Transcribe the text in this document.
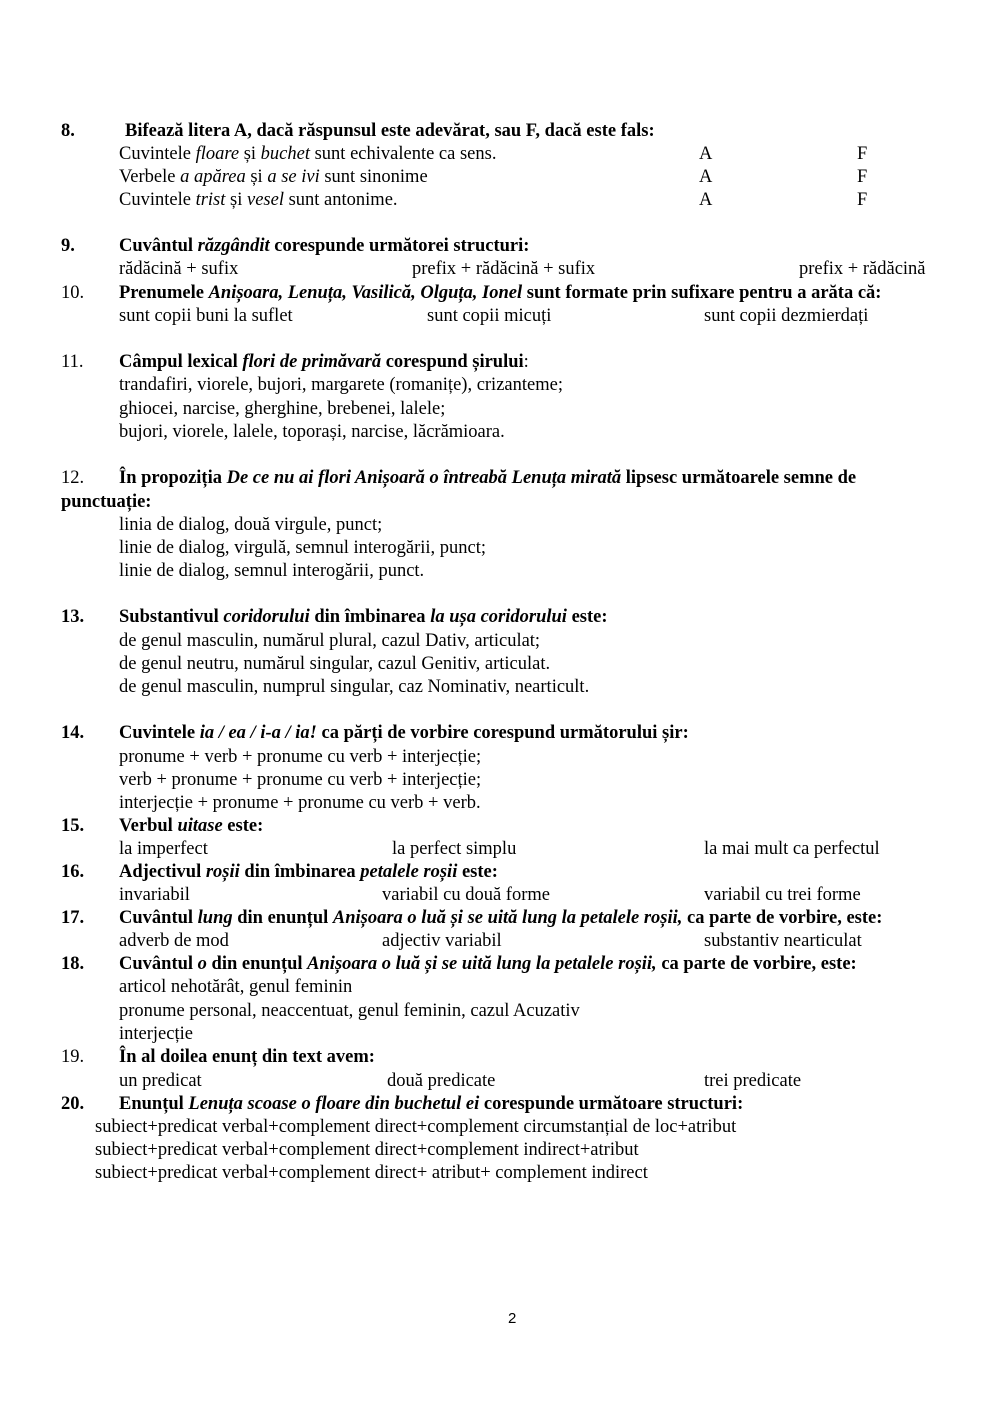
8.	Bifează litera A, dacă răspunsul este adevărat, sau F, dacă este fals:
Cuvintele floare și buchet sunt echivalente ca sens.	A	F
Verbele a apărea și a se ivi sunt sinonime	A	F
Cuvintele trist și vesel sunt antonime.	A	F
9. Cuvântul răzgândit corespunde următorei structuri:
rădăcină + sufix	prefix + rădăcină + sufix	prefix + rădăcină
10. Prenumele Anișoara, Lenuța, Vasilică, Olguța, Ionel sunt formate prin sufixare pentru a arăta că:
sunt copii buni la suflet	sunt copii micuți	sunt copii dezmierdați
11. Câmpul lexical flori de primăvară corespund șirului:
trandafiri, viorele, bujori, margarete (romanițe), crizanteme;
ghiocei, narcise, gherghine, brebenei, lalele;
bujori, viorele, lalele, toporași, narcise, lăcrămioara.
12. În propoziția De ce nu ai flori Anișoară o întreabă Lenuța mirată lipsesc următoarele semne de
punctuație:
linia de dialog, două virgule, punct;
linie de dialog, virgulă, semnul interogării, punct;
linie de dialog, semnul interogării, punct.
13. Substantivul coridorului din îmbinarea la ușa coridorului este:
de genul masculin, numărul plural, cazul Dativ, articulat;
de genul neutru, numărul singular, cazul Genitiv, articulat.
de genul masculin, numprul singular, caz Nominativ, nearticult.
14. Cuvintele ia / ea / i-a / ia! ca părți de vorbire corespund următorului șir:
pronume + verb + pronume cu verb + interjecție;
verb + pronume + pronume cu verb + interjecție;
interjecție + pronume + pronume cu verb + verb.
15. Verbul uitase este:
la imperfect	la perfect simplu	la mai mult ca perfectul
16. Adjectivul roșii din îmbinarea petalele roșii este:
invariabil	variabil cu două forme	variabil cu trei forme
17. Cuvântul lung din enunțul Anișoara o luă și se uită lung la petalele roșii, ca parte de vorbire, este:
adverb de mod	adjectiv variabil	substantiv nearticulat
18. Cuvântul o din enunțul Anișoara o luă și se uită lung la petalele roșii, ca parte de vorbire, este:
articol nehotărât, genul feminin
pronume personal, neaccentuat, genul feminin, cazul Acuzativ
interjecție
19. În al doilea enunț din text avem:
un predicat	două predicate	trei predicate
20. Enunțul Lenuța scoase o floare din buchetul ei corespunde următoare structuri:
subiect+predicat verbal+complement direct+complement circumstanțial de loc+atribut
subiect+predicat verbal+complement direct+complement indirect+atribut
subiect+predicat verbal+complement direct+ atribut+ complement indirect
2
